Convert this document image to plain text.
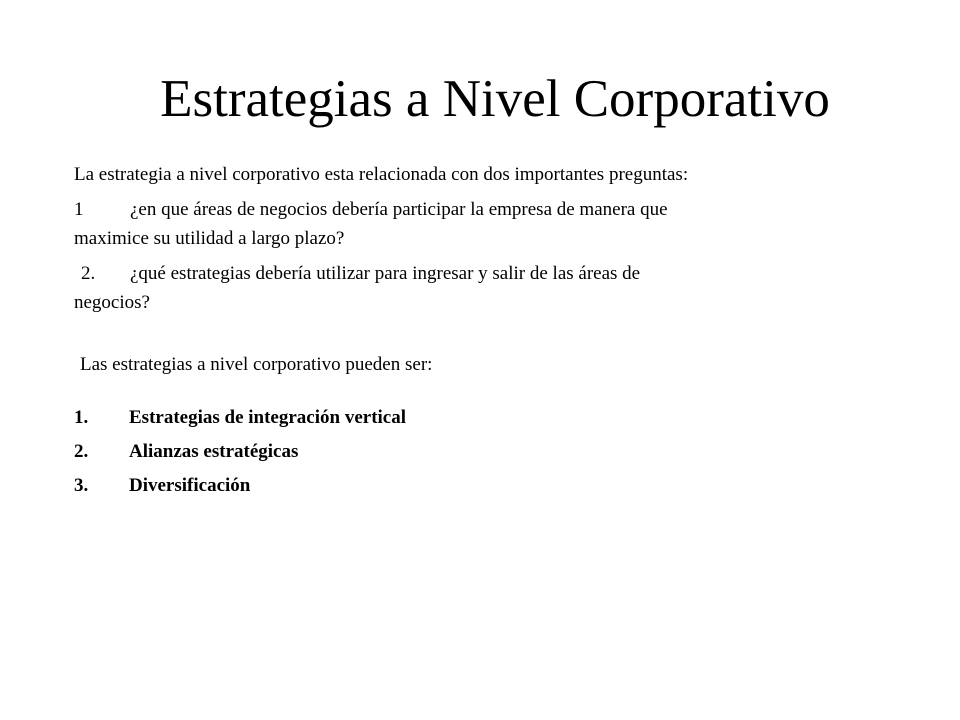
Estrategias a Nivel Corporativo

La estrategia a nivel corporativo esta relacionada con dos importantes preguntas:

1 ¿en que áreas de negocios debería participar la empresa de manera que
maximice su utilidad a largo plazo?

2. ¿qué estrategias debería utilizar para ingresar y salir de las áreas de
negocios?

Las estrategias a nivel corporativo pueden ser:

1. Estrategias de integración vertical
2. Alianzas estratégicas
3. Diversificación
